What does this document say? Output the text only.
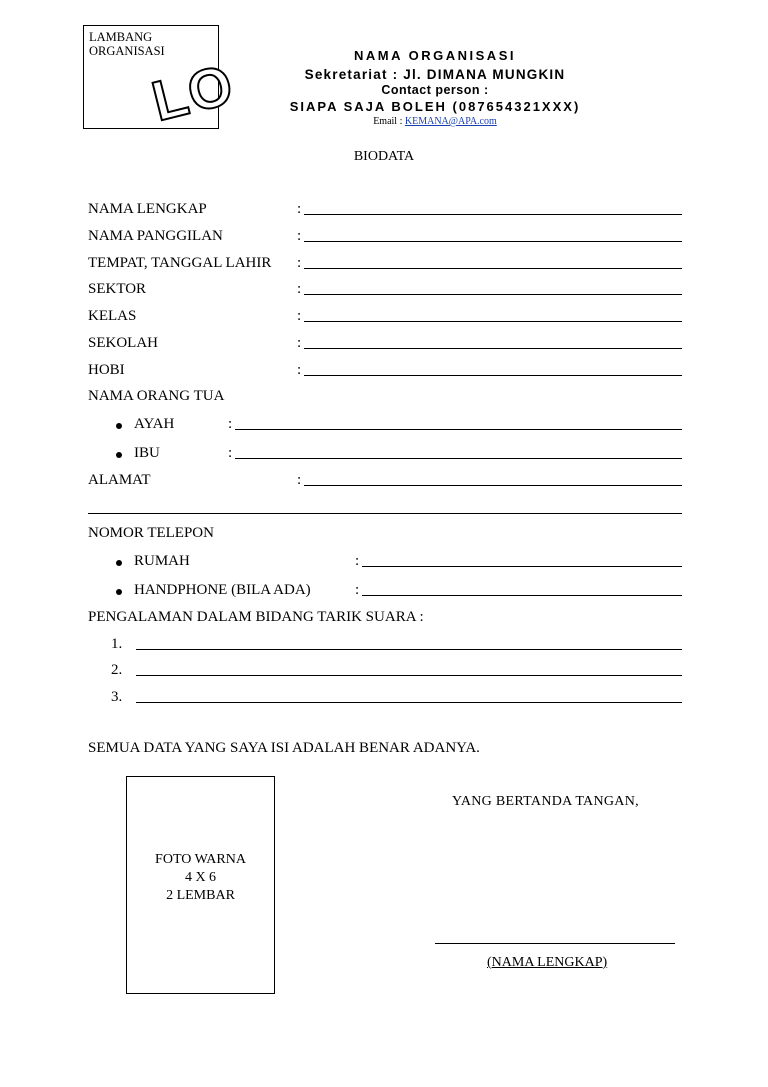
LAMBANG
ORGANISASI
LO	NAMA ORGANISASI
Sekretariat : Jl. DIMANA MUNGKIN
Contact person :
SIAPA SAJA BOLEH (087654321XXX)
Email : KEMANA@APA.com
BIODATA
NAMA LENGKAP	:
NAMA PANGGILAN	:
TEMPAT, TANGGAL LAHIR :
SEKTOR	:
KELAS	:
SEKOLAH	:
HOBI	:
NAMA ORANG TUA
AYAH	:
IBU	:
ALAMAT	:
NOMOR TELEPON
RUMAH	:
HANDPHONE (BILA ADA)	:
PENGALAMAN DALAM BIDANG TARIK SUARA :
1.
2.
3.
SEMUA DATA YANG SAYA ISI ADALAH BENAR ADANYA.
FOTO WARNA
4 X 6
2 LEMBAR
YANG BERTANDA TANGAN,
(NAMA LENGKAP)
